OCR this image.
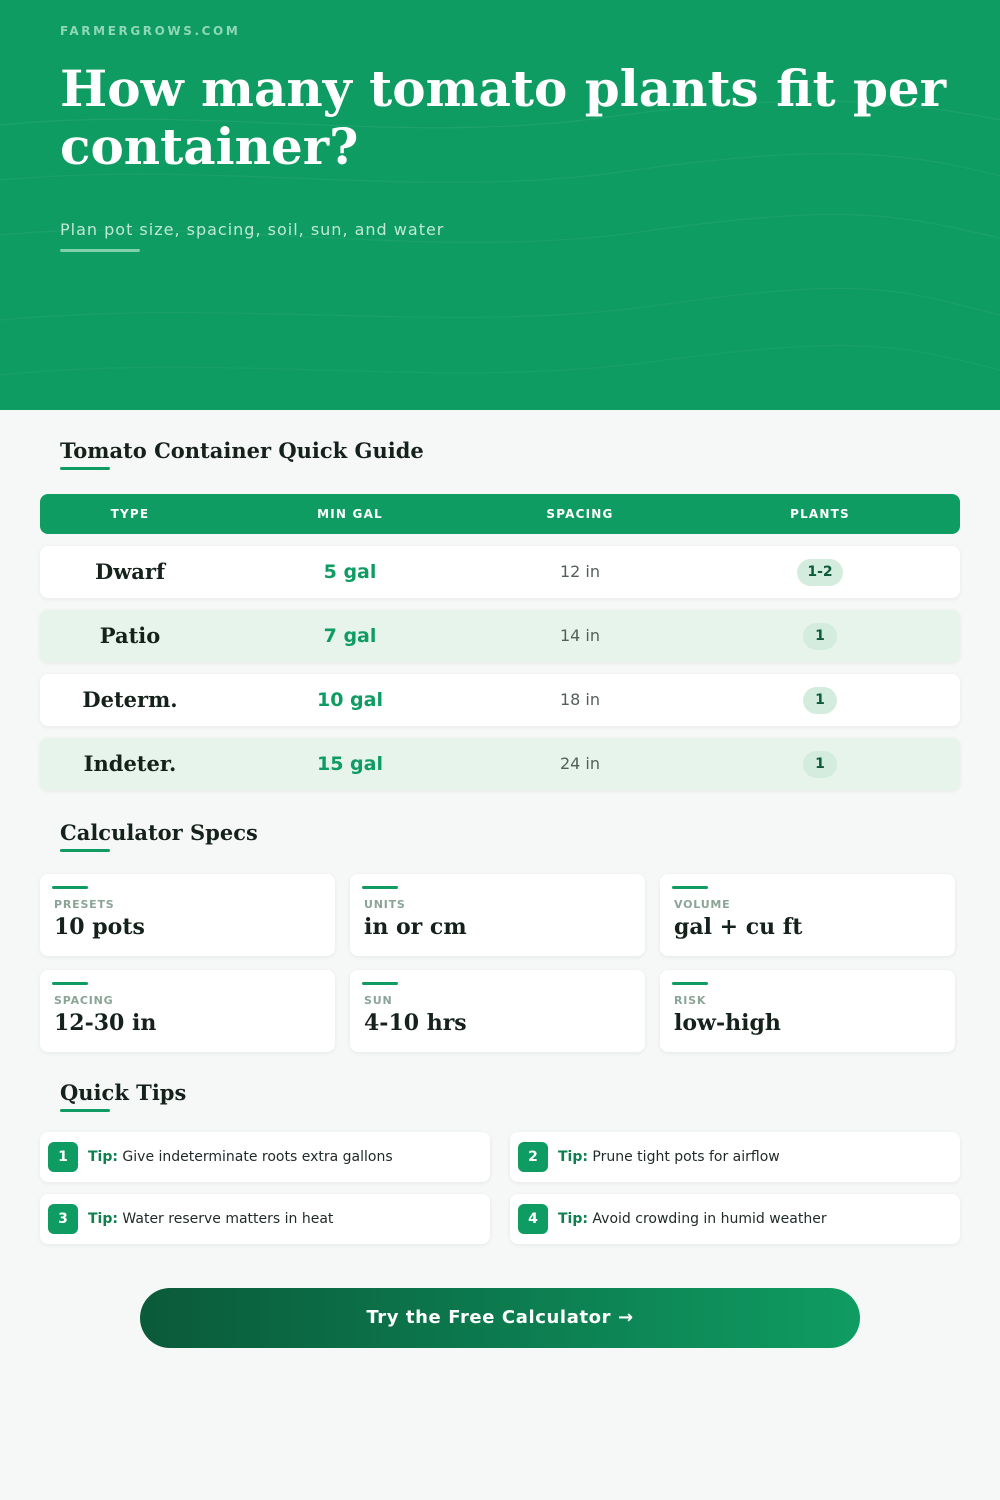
FARMERGROWS.COM
How many tomato plants fit per container?
Plan pot size, spacing, soil, sun, and water
Tomato Container Quick Guide
TYPE	MIN GAL	SPACING	PLANTS
Dwarf	5 gal	12 in	1-2
Patio	7 gal	14 in	1
Determ.	10 gal	18 in	1
Indeter.	15 gal	24 in	1
Calculator Specs
PRESETS
10 pots
UNITS
in or cm
VOLUME
gal + cu ft
SPACING
12-30 in
SUN
4-10 hrs
RISK
low-high
Quick Tips
1	Tip: Give indeterminate roots extra gallons	2	Tip: Prune tight pots for airflow
3	Tip: Water reserve matters in heat	4	Tip: Avoid crowding in humid weather
Try the Free Calculator →
